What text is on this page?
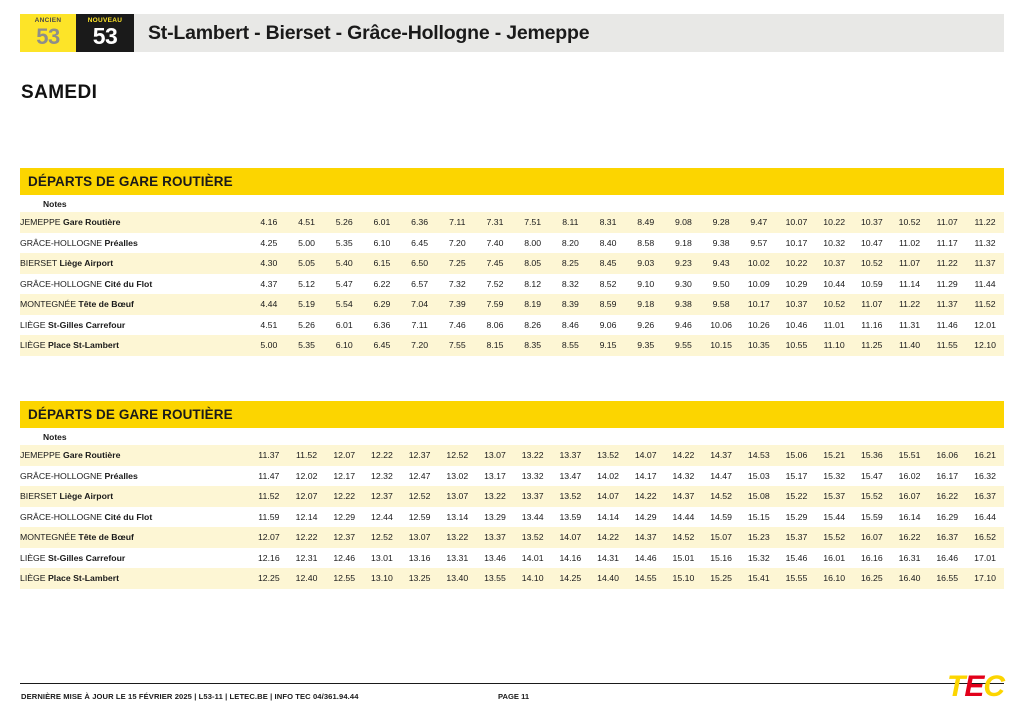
ANCIEN
53
NOUVEAU
53	St-Lambert - Bierset - Grâce-Hollogne - Jemeppe
SAMEDI
DÉPARTS DE GARE ROUTIÈRE
Notes
JEMEPPE Gare Routière	4.16	4.51	5.26	6.01	6.36	7.11	7.31	7.51	8.11	8.31	8.49	9.08	9.28	9.47	10.07	10.22	10.37	10.52	11.07	11.22
GRÂCE-HOLLOGNE Préalles	4.25	5.00	5.35	6.10	6.45	7.20	7.40	8.00	8.20	8.40	8.58	9.18	9.38	9.57	10.17	10.32	10.47	11.02	11.17	11.32
BIERSET Liège Airport	4.30	5.05	5.40	6.15	6.50	7.25	7.45	8.05	8.25	8.45	9.03	9.23	9.43	10.02	10.22	10.37	10.52	11.07	11.22	11.37
GRÂCE-HOLLOGNE Cité du Flot	4.37	5.12	5.47	6.22	6.57	7.32	7.52	8.12	8.32	8.52	9.10	9.30	9.50	10.09	10.29	10.44	10.59	11.14	11.29	11.44
MONTEGNÉE Tête de Bœuf	4.44	5.19	5.54	6.29	7.04	7.39	7.59	8.19	8.39	8.59	9.18	9.38	9.58	10.17	10.37	10.52	11.07	11.22	11.37	11.52
LIÈGE St-Gilles Carrefour	4.51	5.26	6.01	6.36	7.11	7.46	8.06	8.26	8.46	9.06	9.26	9.46	10.06	10.26	10.46	11.01	11.16	11.31	11.46	12.01
LIÈGE Place St-Lambert	5.00	5.35	6.10	6.45	7.20	7.55	8.15	8.35	8.55	9.15	9.35	9.55	10.15	10.35	10.55	11.10	11.25	11.40	11.55	12.10
DÉPARTS DE GARE ROUTIÈRE
Notes
JEMEPPE Gare Routière	11.37	11.52	12.07	12.22	12.37	12.52	13.07	13.22	13.37	13.52	14.07	14.22	14.37	14.53	15.06	15.21	15.36	15.51	16.06	16.21
GRÂCE-HOLLOGNE Préalles	11.47	12.02	12.17	12.32	12.47	13.02	13.17	13.32	13.47	14.02	14.17	14.32	14.47	15.03	15.17	15.32	15.47	16.02	16.17	16.32
BIERSET Liège Airport	11.52	12.07	12.22	12.37	12.52	13.07	13.22	13.37	13.52	14.07	14.22	14.37	14.52	15.08	15.22	15.37	15.52	16.07	16.22	16.37
GRÂCE-HOLLOGNE Cité du Flot	11.59	12.14	12.29	12.44	12.59	13.14	13.29	13.44	13.59	14.14	14.29	14.44	14.59	15.15	15.29	15.44	15.59	16.14	16.29	16.44
MONTEGNÉE Tête de Bœuf	12.07	12.22	12.37	12.52	13.07	13.22	13.37	13.52	14.07	14.22	14.37	14.52	15.07	15.23	15.37	15.52	16.07	16.22	16.37	16.52
LIÈGE St-Gilles Carrefour	12.16	12.31	12.46	13.01	13.16	13.31	13.46	14.01	14.16	14.31	14.46	15.01	15.16	15.32	15.46	16.01	16.16	16.31	16.46	17.01
LIÈGE Place St-Lambert	12.25	12.40	12.55	13.10	13.25	13.40	13.55	14.10	14.25	14.40	14.55	15.10	15.25	15.41	15.55	16.10	16.25	16.40	16.55	17.10
DERNIÈRE MISE À JOUR LE 15 FÉVRIER 2025 | L53-11 | LETEC.BE | INFO TEC 04/361.94.44	PAGE 11	T E C
